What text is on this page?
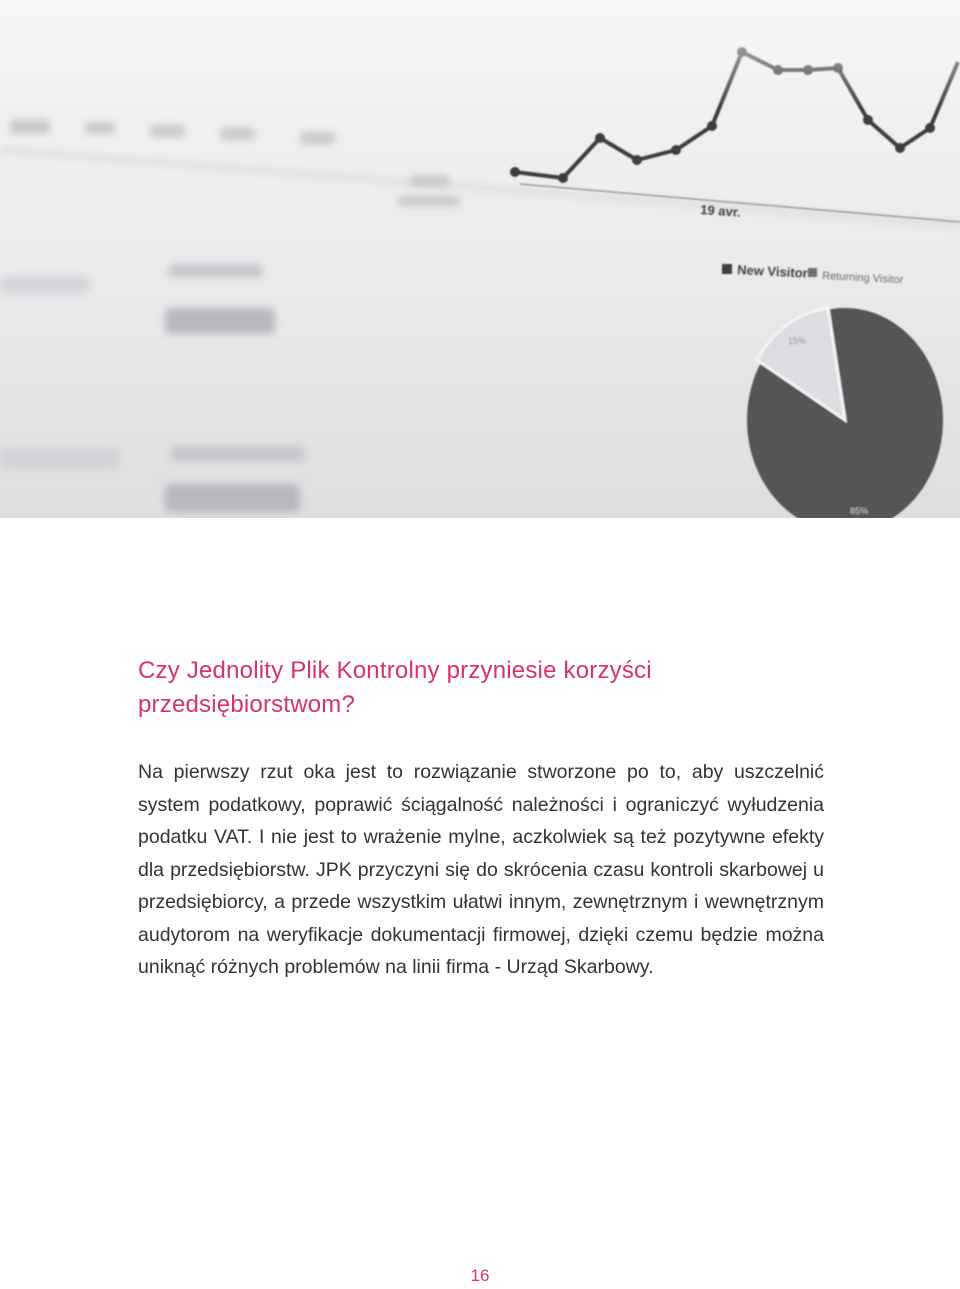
19 avr.
New Visitor Returning Visitor
15%
85%
Czy Jednolity Plik Kontrolny przyniesie korzyści przedsiębiorstwom?

Na pierwszy rzut oka jest to rozwiązanie stworzone po to, aby uszczelnić system podatkowy, poprawić ściągalność należności i ograniczyć wyłudzenia podatku VAT. I nie jest to wrażenie mylne, aczkolwiek są też pozytywne efekty dla przedsiębiorstw. JPK przyczyni się do skrócenia czasu kontroli skarbowej u przedsiębiorcy, a przede wszystkim ułatwi innym, zewnętrznym i wewnętrznym audytorom na weryfikacje dokumentacji firmowej, dzięki czemu będzie można uniknąć różnych problemów na linii firma - Urząd Skarbowy.

16
